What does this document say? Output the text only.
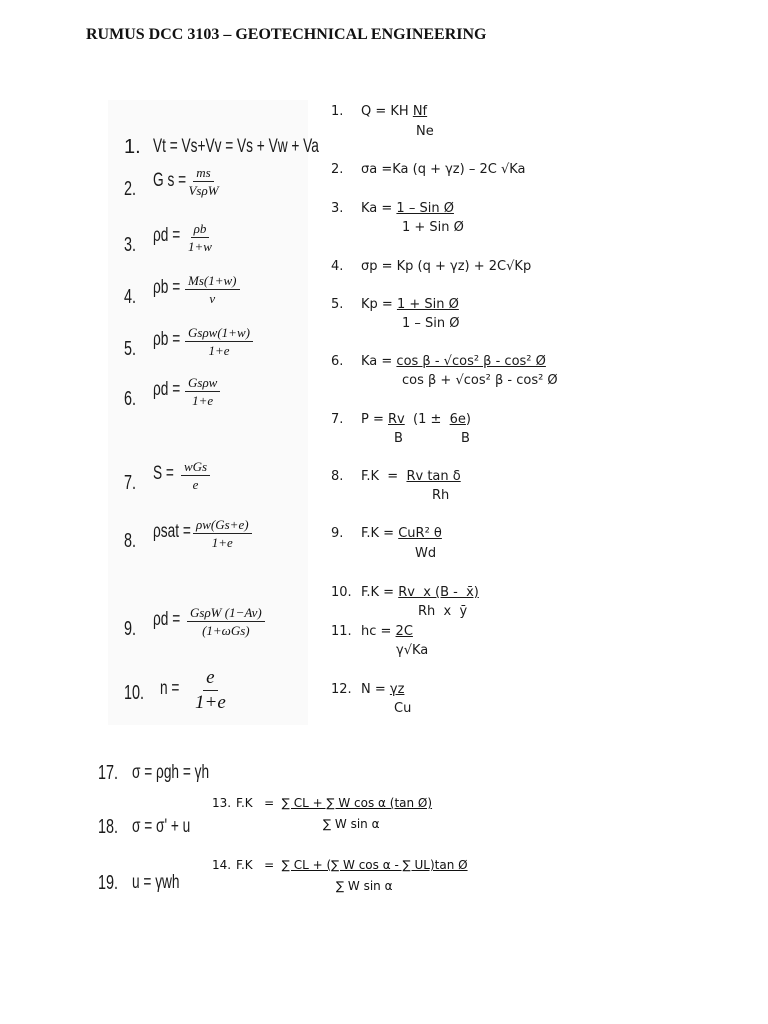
RUMUS DCC 3103 – GEOTECHNICAL ENGINEERING
1. Vt = Vs+Vv = Vs + Vw + Va
2. G $s = \frac{ms}{\text{VsρW}}$
3. $\rho d = \frac{\rho b}{1+w}$
4. $\rho b = \frac{Ms(1+w)}{v}$
5. $\rho b = \frac{\text{Gsρw(1+w)}}{1+e}$
6. $\rho d = \frac{\text{Gsρw}}{1+e}$
7. $S = \frac{\text{wGs}}{e}$
8. $\rho sat = \frac{\rho w(Gs+e)}{1+e}$
9. $\rho d = \frac{\text{GsρW (1−Av)}}{\text{(1+ωGs)}}$
10. $n = \frac{e}{1+e}$
17. σ = ρgh = γh
18. σ = σ' + u
19. u = γwh
1. Q = KH Nf
Ne
2. σa =Ka (q + γz) – 2C √Ka
3. Ka = 1 – Sin Ø
1 + Sin Ø
4. σp = Kp (q + γz) + 2C√Kp
5. Kp = 1 + Sin Ø
1 – Sin Ø
6. Ka = cos β - √cos² β - cos² Ø
cos β + √cos² β - cos² Ø
7. P = Rv  (1 ±  6e)
B	B
8. F.K  =  Rv tan δ
Rh
9. F.K = CuR² θ
Wd
10. F.K = Rv  x (B -  x̄)
Rh  x  ȳ
11. hc = 2C
γ√Ka
12. N = γz
Cu
13. F.K   =  ∑ CL + ∑ W cos α (tan Ø)
∑ W sin α
14. F.K   =  ∑ CL + (∑ W cos α - ∑ UL)tan Ø
∑ W sin α
